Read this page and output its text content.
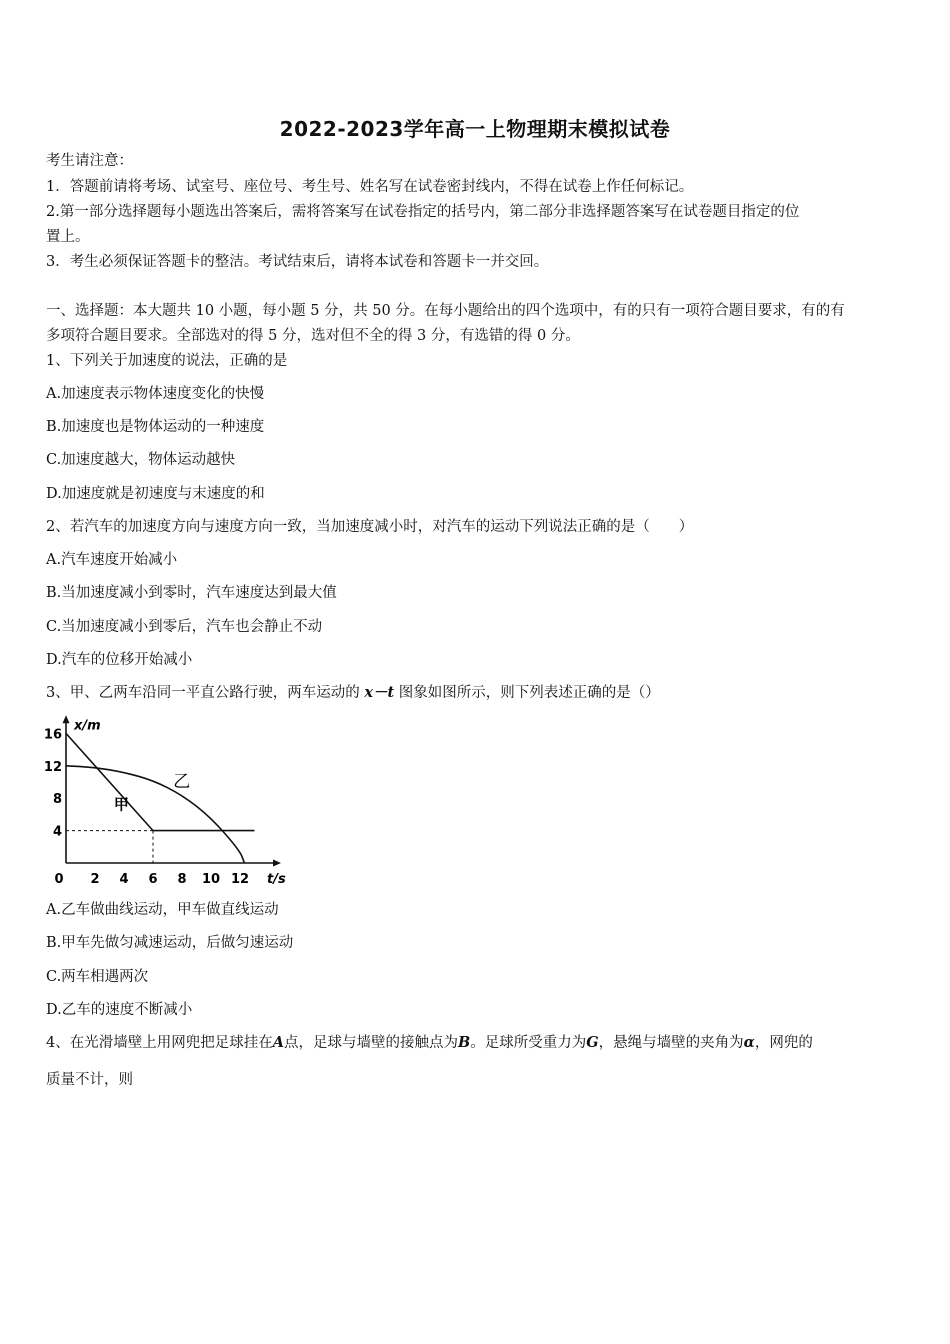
2022-2023学年高一上物理期末模拟试卷
考生请注意：
1．答题前请将考场、试室号、座位号、考生号、姓名写在试卷密封线内，不得在试卷上作任何标记。
2.第一部分选择题每小题选出答案后，需将答案写在试卷指定的括号内，第二部分非选择题答案写在试卷题目指定的位
置上。
3．考生必须保证答题卡的整洁。考试结束后，请将本试卷和答题卡一并交回。
一、选择题：本大题共 10 小题，每小题 5 分，共 50 分。在每小题给出的四个选项中，有的只有一项符合题目要求，有的有
多项符合题目要求。全部选对的得 5 分，选对但不全的得 3 分，有选错的得 0 分。
1、下列关于加速度的说法，正确的是
A.加速度表示物体速度变化的快慢
B.加速度也是物体运动的一种速度
C.加速度越大，物体运动越快
D.加速度就是初速度与末速度的和
2、若汽车的加速度方向与速度方向一致，当加速度减小时，对汽车的运动下列说法正确的是（　　）
A.汽车速度开始减小
B.当加速度减小到零时，汽车速度达到最大值
C.当加速度减小到零后，汽车也会静止不动
D.汽车的位移开始减小
3、甲、乙两车沿同一平直公路行驶，两车运动的 x－t 图象如图所示，则下列表述正确的是（）
甲
乙
0 2 4 6 8 10 12
16
12
8
4
t/s
x/m
A.乙车做曲线运动，甲车做直线运动
B.甲车先做匀减速运动，后做匀速运动
C.两车相遇两次
D.乙车的速度不断减小
4、在光滑墙壁上用网兜把足球挂在A点，足球与墙壁的接触点为B。足球所受重力为G，悬绳与墙壁的夹角为α，网兜的
质量不计，则
